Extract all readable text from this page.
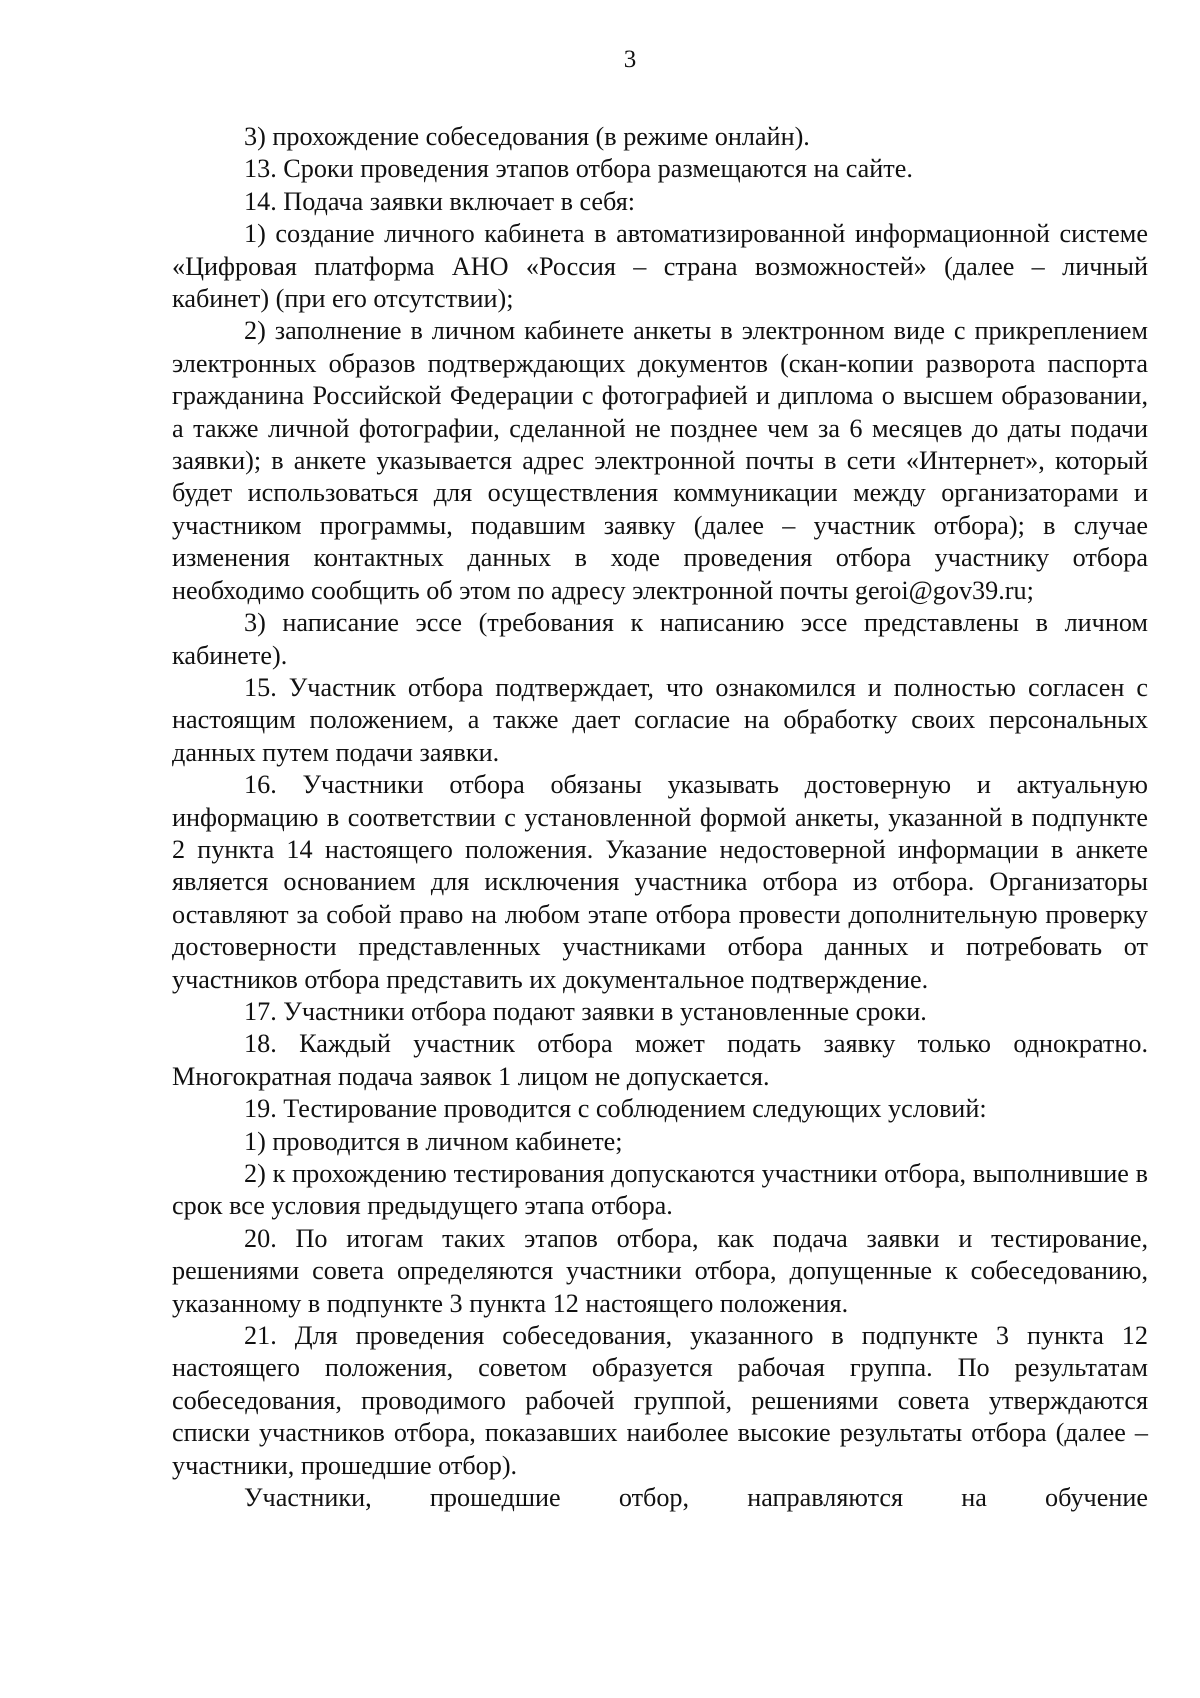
3

3) прохождение собеседования (в режиме онлайн).

13. Сроки проведения этапов отбора размещаются на сайте.

14. Подача заявки включает в себя:

1) создание личного кабинета в автоматизированной информационной системе «Цифровая платформа АНО «Россия – страна возможностей» (далее – личный кабинет) (при его отсутствии);

2) заполнение в личном кабинете анкеты в электронном виде с прикреплением электронных образов подтверждающих документов (скан-копии разворота паспорта гражданина Российской Федерации с фотографией и диплома о высшем образовании, а также личной фотографии, сделанной не позднее чем за 6 месяцев до даты подачи заявки); в анкете указывается адрес электронной почты в сети «Интернет», который будет использоваться для осуществления коммуникации между организаторами и участником программы, подавшим заявку (далее – участник отбора); в случае изменения контактных данных в ходе проведения отбора участнику отбора необходимо сообщить об этом по адресу электронной почты geroi@gov39.ru;

3) написание эссе (требования к написанию эссе представлены в личном кабинете).

15. Участник отбора подтверждает, что ознакомился и полностью согласен с настоящим положением, а также дает согласие на обработку своих персональных данных путем подачи заявки.

16. Участники отбора обязаны указывать достоверную и актуальную информацию в соответствии с установленной формой анкеты, указанной в подпункте 2 пункта 14 настоящего положения. Указание недостоверной информации в анкете является основанием для исключения участника отбора из отбора. Организаторы оставляют за собой право на любом этапе отбора провести дополнительную проверку достоверности представленных участниками отбора данных и потребовать от участников отбора представить их документальное подтверждение.

17. Участники отбора подают заявки в установленные сроки.

18. Каждый участник отбора может подать заявку только однократно. Многократная подача заявок 1 лицом не допускается.

19. Тестирование проводится с соблюдением следующих условий:

1) проводится в личном кабинете;

2) к прохождению тестирования допускаются участники отбора, выполнившие в срок все условия предыдущего этапа отбора.

20. По итогам таких этапов отбора, как подача заявки и тестирование, решениями совета определяются участники отбора, допущенные к собеседованию, указанному в подпункте 3 пункта 12 настоящего положения.

21. Для проведения собеседования, указанного в подпункте 3 пункта 12 настоящего положения, советом образуется рабочая группа. По результатам собеседования, проводимого рабочей группой, решениями совета утверждаются списки участников отбора, показавших наиболее высокие результаты отбора (далее – участники, прошедшие отбор).

Участники, прошедшие отбор, направляются на обучение
